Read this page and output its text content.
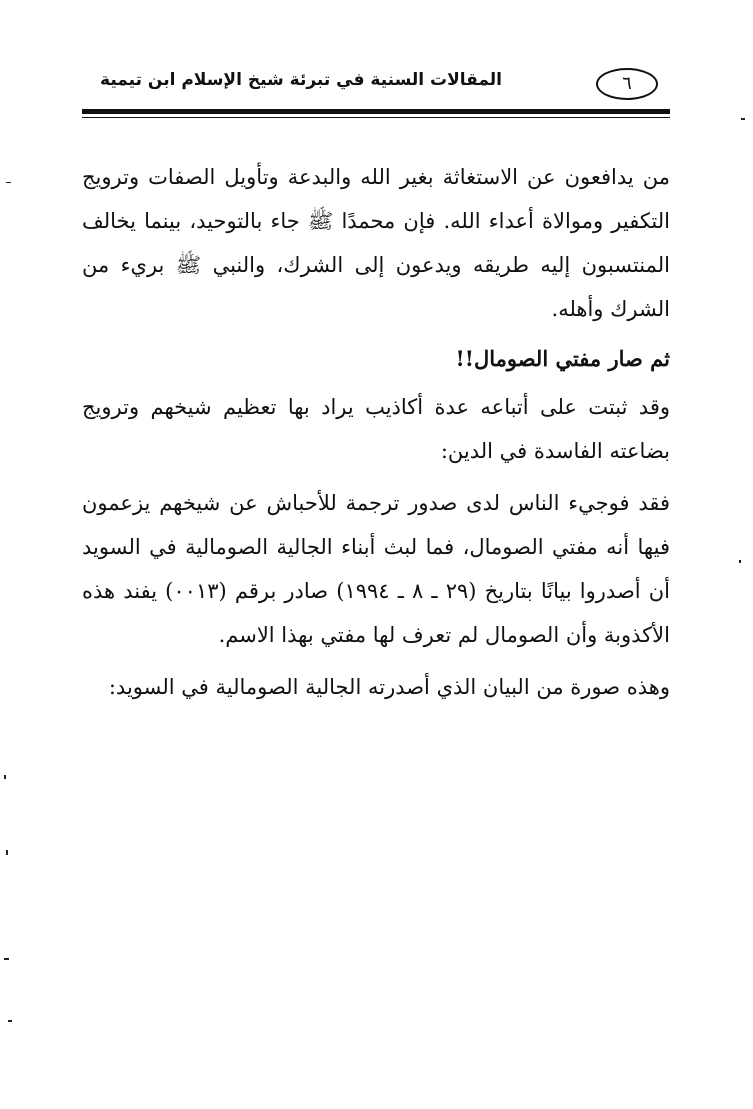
المقالات السنية في تبرئة شيخ الإسلام ابن تيمية	٦

من يدافعون عن الاستغاثة بغير الله والبدعة وتأويل الصفات وترويج التكفير وموالاة أعداء الله. فإن محمدًا ﷺ جاء بالتوحيد، بينما يخالف المنتسبون إليه طريقه ويدعون إلى الشرك، والنبي ﷺ بريء من الشرك وأهله.

ثم صار مفتي الصومال!!

وقد ثبتت على أتباعه عدة أكاذيب يراد بها تعظيم شيخهم وترويج بضاعته الفاسدة في الدين:

فقد فوجيء الناس لدى صدور ترجمة للأحباش عن شيخهم يزعمون فيها أنه مفتي الصومال، فما لبث أبناء الجالية الصومالية في السويد أن أصدروا بيانًا بتاريخ (٢٩ ـ ٨ ـ ١٩٩٤) صادر برقم (٠٠١٣) يفند هذه الأكذوبة وأن الصومال لم تعرف لها مفتي بهذا الاسم.

وهذه صورة من البيان الذي أصدرته الجالية الصومالية في السويد:
